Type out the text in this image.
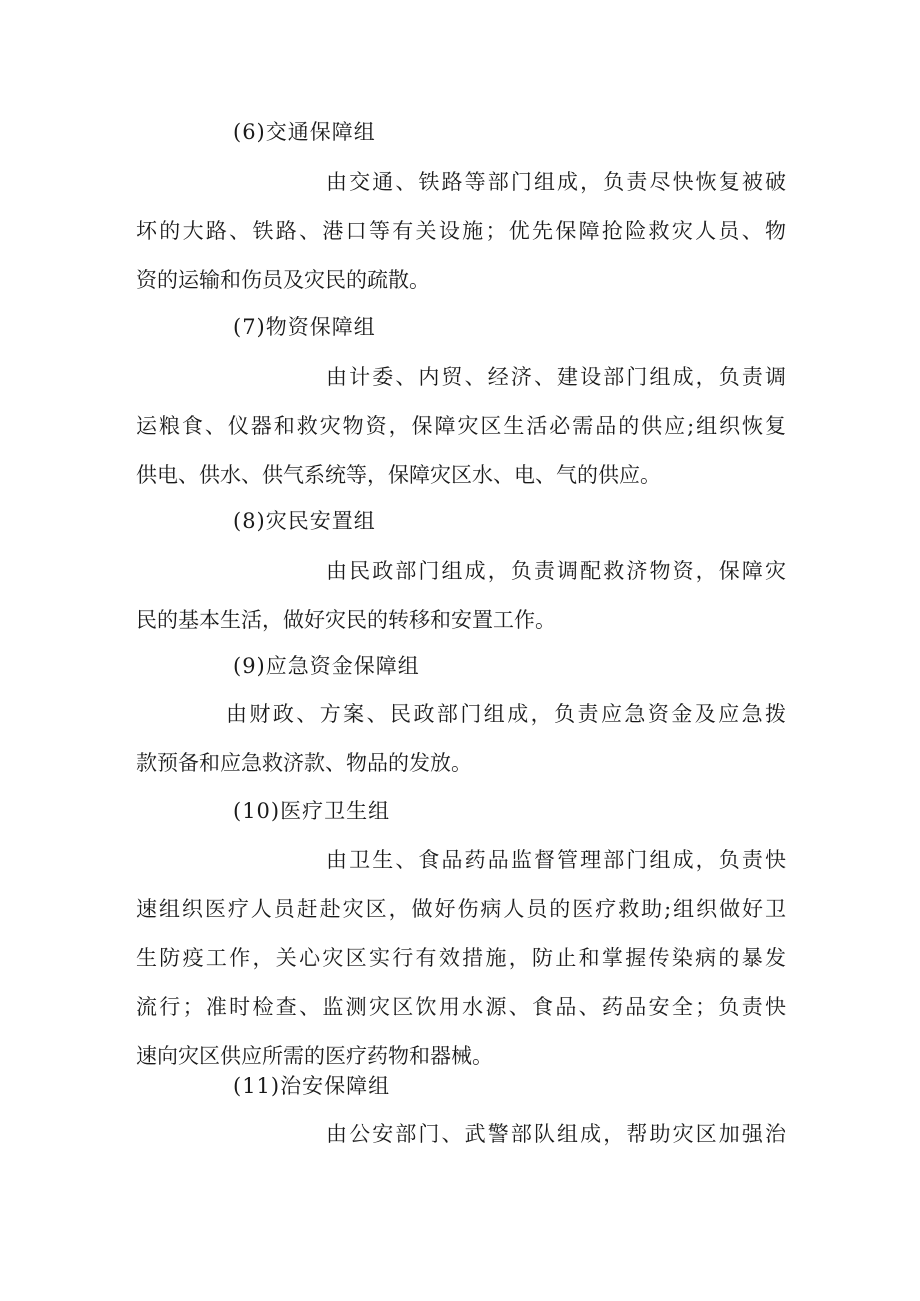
(6)交通保障组
由交通、铁路等部门组成，负责尽快恢复被破
坏的大路、铁路、港口等有关设施；优先保障抢险救灾人员、物
资的运输和伤员及灾民的疏散。
(7)物资保障组
由计委、内贸、经济、建设部门组成，负责调
运粮食、仪器和救灾物资，保障灾区生活必需品的供应;组织恢复
供电、供水、供气系统等，保障灾区水、电、气的供应。
(8)灾民安置组
由民政部门组成，负责调配救济物资，保障灾
民的基本生活，做好灾民的转移和安置工作。
(9)应急资金保障组
由财政、方案、民政部门组成，负责应急资金及应急拨
款预备和应急救济款、物品的发放。
(10)医疗卫生组
由卫生、食品药品监督管理部门组成，负责快
速组织医疗人员赶赴灾区，做好伤病人员的医疗救助;组织做好卫
生防疫工作，关心灾区实行有效措施，防止和掌握传染病的暴发
流行；准时检查、监测灾区饮用水源、食品、药品安全；负责快
速向灾区供应所需的医疗药物和器械。
(11)治安保障组
由公安部门、武警部队组成，帮助灾区加强治
